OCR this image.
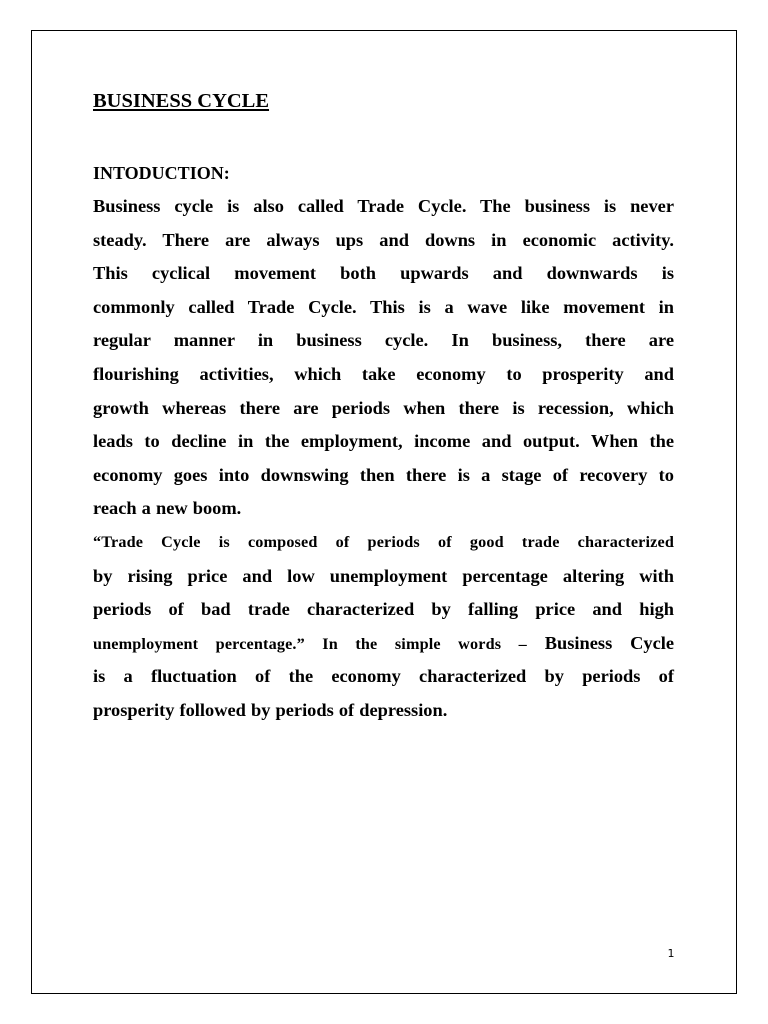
BUSINESS CYCLE
INTODUCTION:
Business cycle is also called Trade Cycle. The business is never
steady. There are always ups and downs in economic activity.
This cyclical movement both upwards and downwards is
commonly called Trade Cycle. This is a wave like movement in
regular manner in business cycle. In business, there are
flourishing activities, which take economy to prosperity and
growth whereas there are periods when there is recession, which
leads to decline in the employment, income and output. When the
economy goes into downswing then there is a stage of recovery to
reach a new boom.
“Trade Cycle is composed of periods of good trade characterized
by rising price and low unemployment percentage altering with
periods of bad trade characterized by falling price and high
unemployment percentage.” In the simple words – Business Cycle
is a fluctuation of the economy characterized by periods of
prosperity followed by periods of depression.
1
